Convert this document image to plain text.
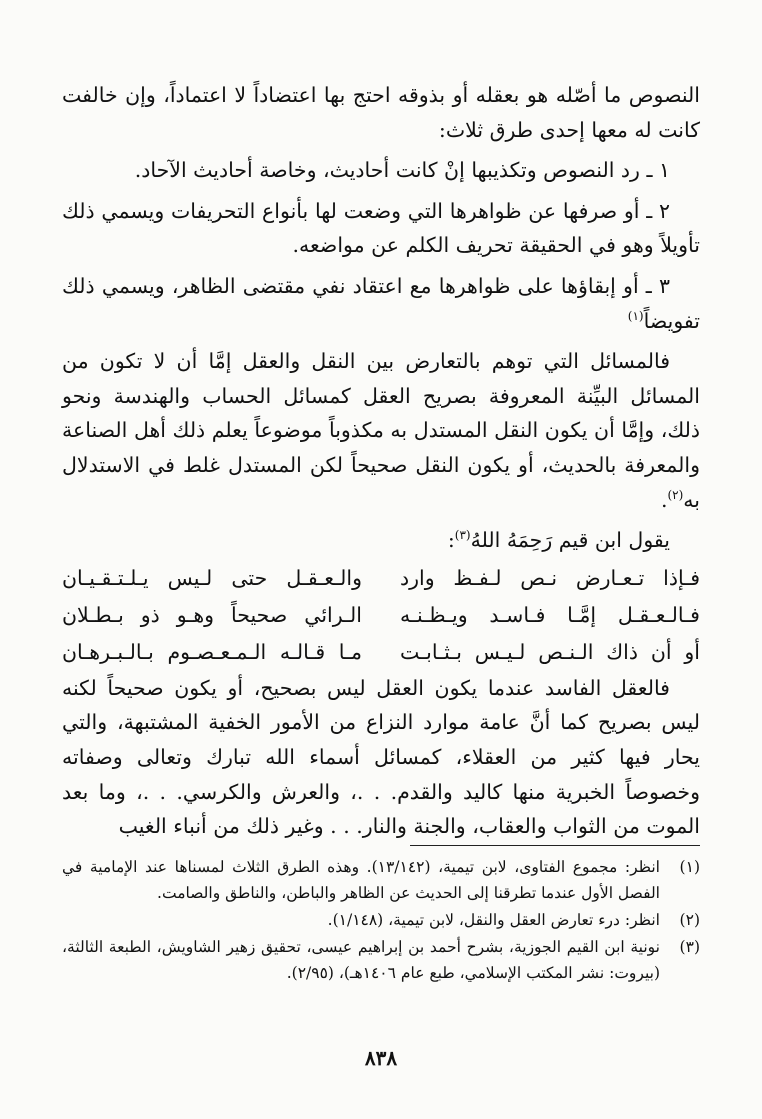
النصوص ما أصّله هو بعقله أو بذوقه احتج بها اعتضاداً لا اعتماداً، وإن خالفت كانت له معها إحدى طرق ثلاث:

١ ـ رد النصوص وتكذيبها إنْ كانت أحاديث، وخاصة أحاديث الآحاد.

٢ ـ أو صرفها عن ظواهرها التي وضعت لها بأنواع التحريفات ويسمي ذلك تأويلاً وهو في الحقيقة تحريف الكلم عن مواضعه.

٣ ـ أو إبقاؤها على ظواهرها مع اعتقاد نفي مقتضى الظاهر، ويسمي ذلك تفويضاً$^{(١)}$

فالمسائل التي توهم بالتعارض بين النقل والعقل إمَّا أن لا تكون من المسائل البيِّنة المعروفة بصريح العقل كمسائل الحساب والهندسة ونحو ذلك، وإمَّا أن يكون النقل المستدل به مكذوباً موضوعاً يعلم ذلك أهل الصناعة والمعرفة بالحديث، أو يكون النقل صحيحاً لكن المستدل غلط في الاستدلال به$^{(٢)}$.

يقول ابن قيم رَحِمَهُ اللهُ$^{(٣)}$:

فـإذا تـعـارض نـص لـفـظ وارد
والـعـقـل حتى لـيس يـلـتـقـيـان
فـالـعـقـل إمَّـا فـاسـد ويـظـنـه
الـرائي صحيحاً وهـو ذو بـطـلان
أو أن ذاك الـنـص لـيـس بـثـابـت
مـا قـالـه الـمـعـصـوم بـالـبـرهـان

فالعقل الفاسد عندما يكون العقل ليس بصحيح، أو يكون صحيحاً لكنه ليس بصريح كما أنَّ عامة موارد النزاع من الأمور الخفية المشتبهة، والتي يحار فيها كثير من العقلاء، كمسائل أسماء الله تبارك وتعالى وصفاته وخصوصاً الخبرية منها كاليد والقدم. . .، والعرش والكرسي. . .، وما بعد الموت من الثواب والعقاب، والجنة والنار. . . وغير ذلك من أنباء الغيب

(١)
انظر: مجموع الفتاوى، لابن تيمية، (١٣/١٤٢). وهذه الطرق الثلاث لمسناها عند الإمامية في الفصل الأول عندما تطرقنا إلى الحديث عن الظاهر والباطن، والناطق والصامت.
(٢)
انظر: درء تعارض العقل والنقل، لابن تيمية، (١/١٤٨).
(٣)
نونية ابن القيم الجوزية، بشرح أحمد بن إبراهيم عيسى، تحقيق زهير الشاويش، الطبعة الثالثة، (بيروت: نشر المكتب الإسلامي، طبع عام ١٤٠٦هـ)، (٢/٩٥).
٨٣٨
